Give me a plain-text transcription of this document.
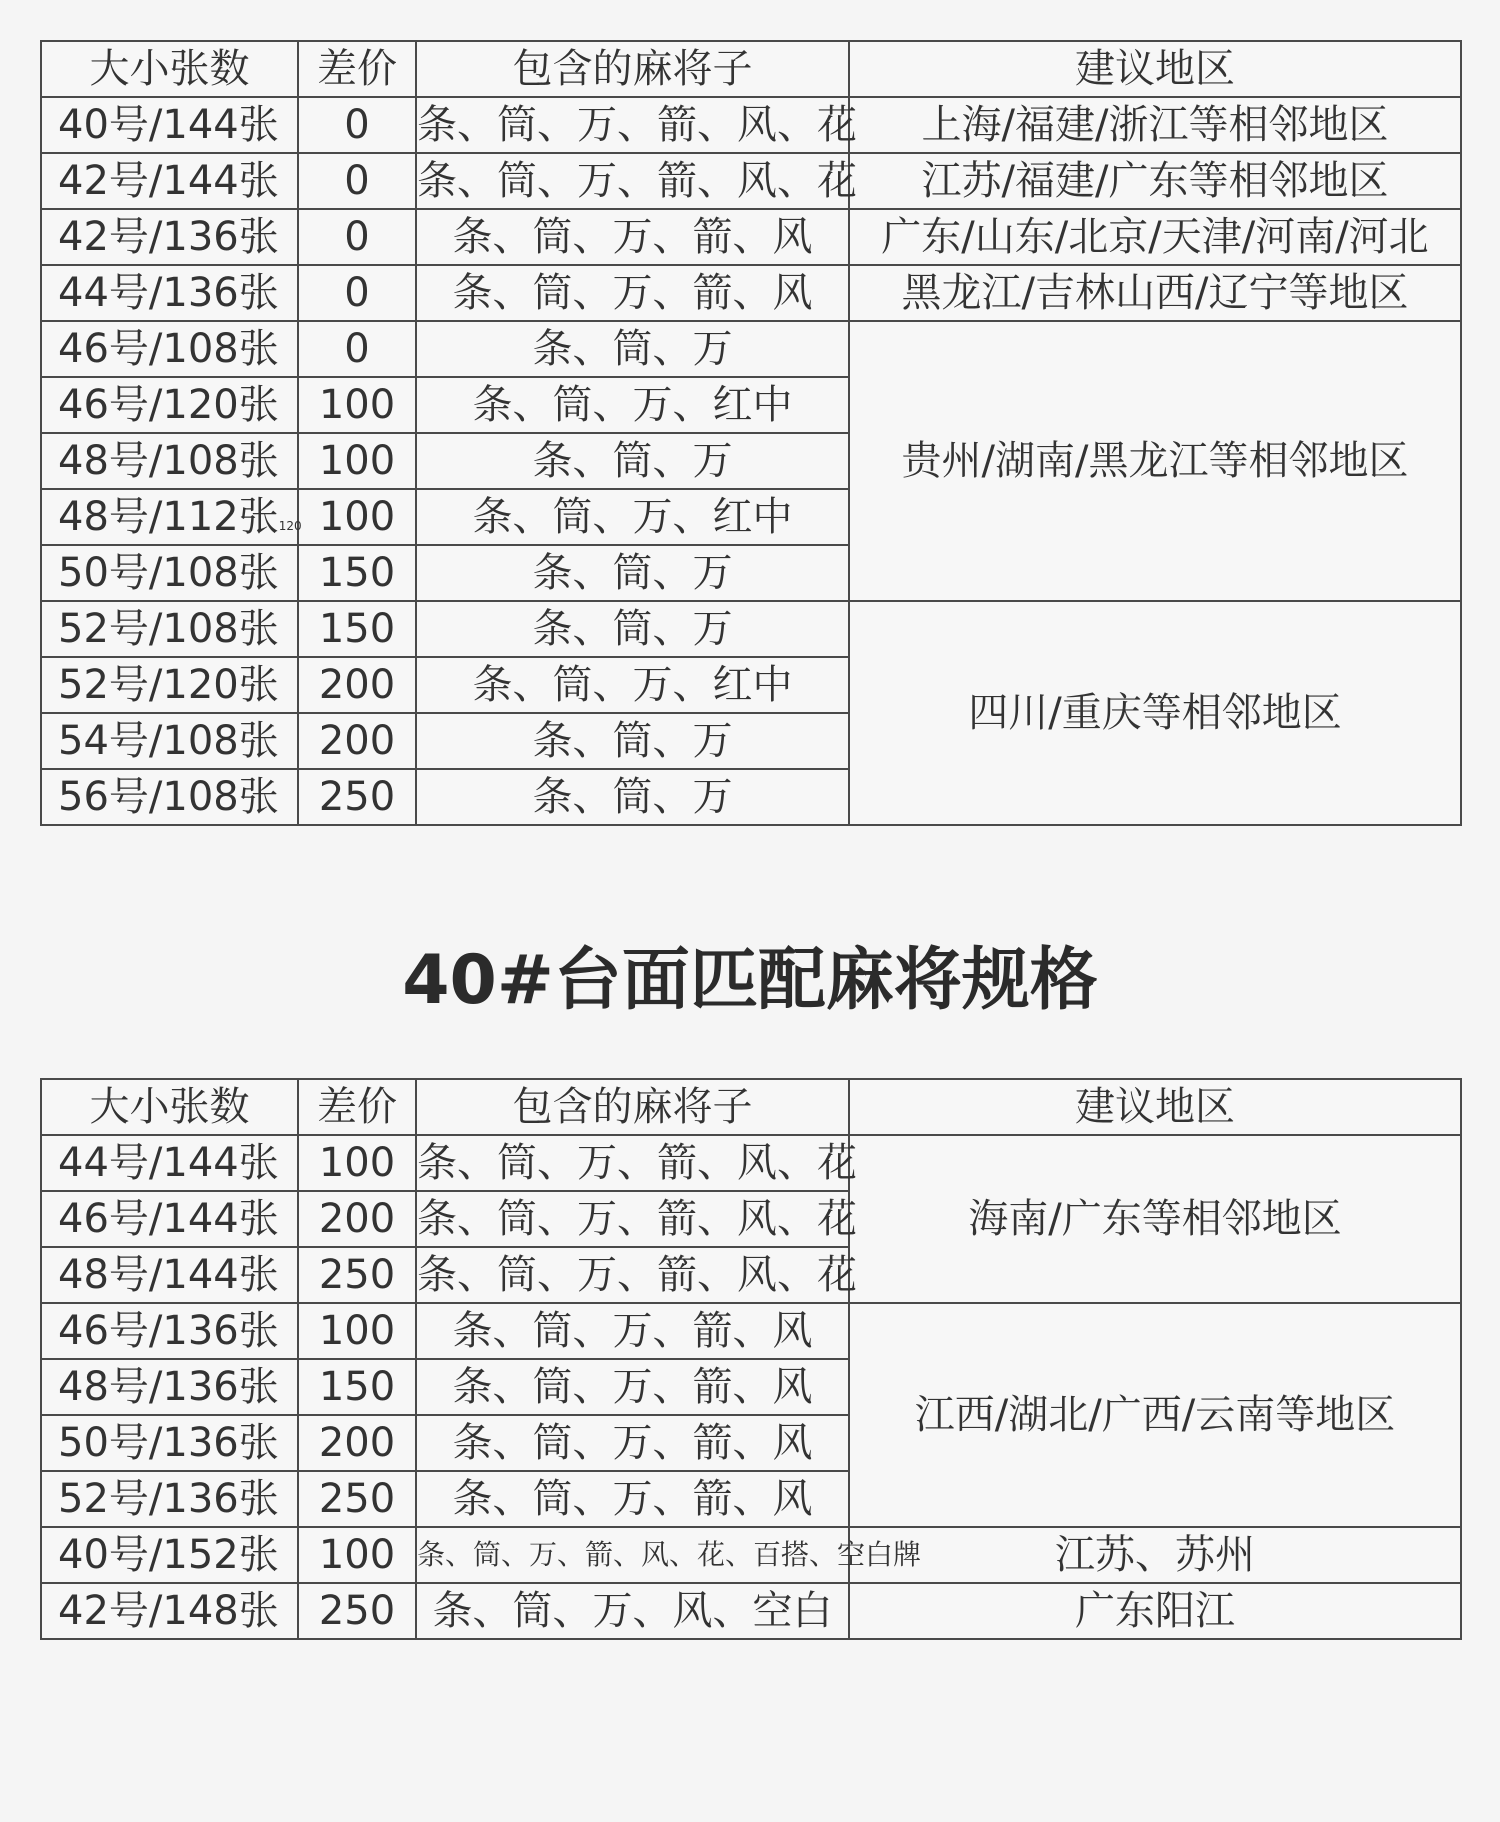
大小张数	差价	包含的麻将子	建议地区
40号/144张	0	条、筒、万、箭、风、花	上海/福建/浙江等相邻地区
42号/144张	0	条、筒、万、箭、风、花	江苏/福建/广东等相邻地区
42号/136张	0	条、筒、万、箭、风	广东/山东/北京/天津/河南/河北
44号/136张	0	条、筒、万、箭、风	黑龙江/吉林山西/辽宁等地区
46号/108张	0	条、筒、万	贵州/湖南/黑龙江等相邻地区
46号/120张	100	条、筒、万、红中	
48号/108张	100	条、筒、万	
48号/112张120	100	条、筒、万、红中	
50号/108张	150	条、筒、万	
52号/108张	150	条、筒、万	四川/重庆等相邻地区
52号/120张	200	条、筒、万、红中	
54号/108张	200	条、筒、万	
56号/108张	250	条、筒、万	
40#台面匹配麻将规格
大小张数	差价	包含的麻将子	建议地区
44号/144张	100	条、筒、万、箭、风、花	海南/广东等相邻地区
46号/144张	200	条、筒、万、箭、风、花	
48号/144张	250	条、筒、万、箭、风、花	
46号/136张	100	条、筒、万、箭、风	江西/湖北/广西/云南等地区
48号/136张	150	条、筒、万、箭、风	
50号/136张	200	条、筒、万、箭、风	
52号/136张	250	条、筒、万、箭、风	
40号/152张	100	条、筒、万、箭、风、花、百搭、空白牌	江苏、苏州
42号/148张	250	条、筒、万、风、空白	广东阳江
